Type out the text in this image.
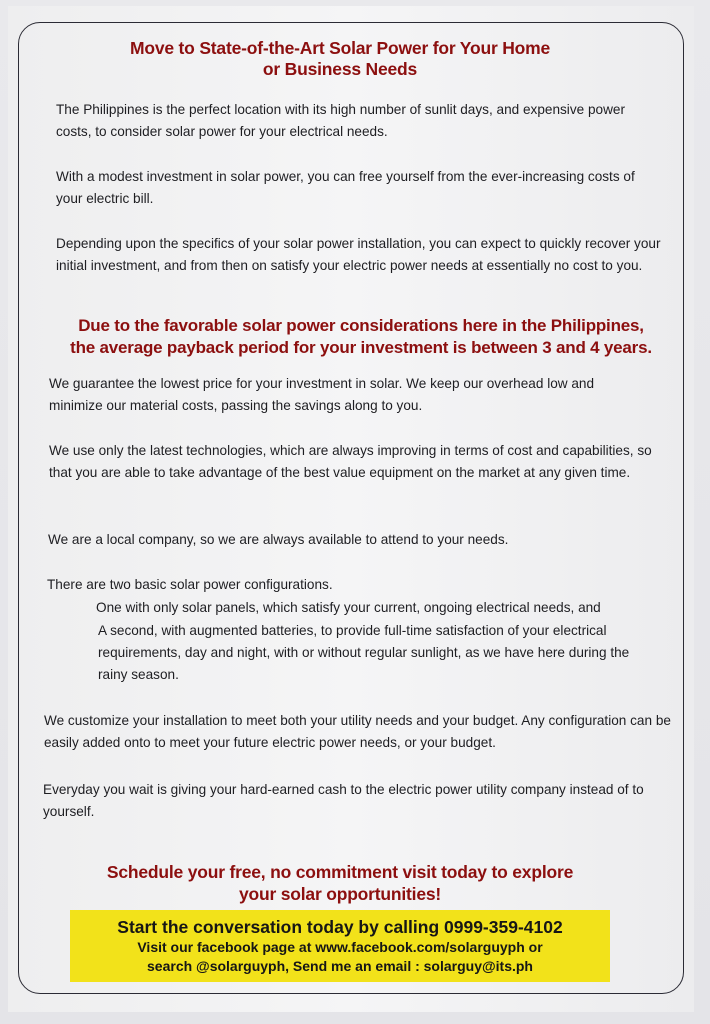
Move to State-of-the-Art Solar Power for Your Home
or Business Needs
The Philippines is the perfect location with its high number of sunlit days, and expensive power costs, to consider solar power for your electrical needs.
With a modest investment in solar power, you can free yourself from the ever-increasing costs of your electric bill.
Depending upon the specifics of your solar power installation, you can expect to quickly recover your initial investment, and from then on satisfy your electric power needs at essentially no cost to you.
Due to the favorable solar power considerations here in the Philippines,
the average payback period for your investment is between 3 and 4 years.
We guarantee the lowest price for your investment in solar. We keep our overhead low and minimize our material costs, passing the savings along to you.
We use only the latest technologies, which are always improving in terms of cost and capabilities, so that you are able to take advantage of the best value equipment on the market at any given time.
We are a local company, so we are always available to attend to your needs.
There are two basic solar power configurations.
One with only solar panels, which satisfy your current, ongoing electrical needs, and
A second, with augmented batteries, to provide full-time satisfaction of your electrical requirements, day and night, with or without regular sunlight, as we have here during the rainy season.
We customize your installation to meet both your utility needs and your budget. Any configuration can be easily added onto to meet your future electric power needs, or your budget.
Everyday you wait is giving your hard-earned cash to the electric power utility company instead of to yourself.
Schedule your free, no commitment visit today to explore
your solar opportunities!
Start the conversation today by calling 0999-359-4102
Visit our facebook page at www.facebook.com/solarguyph or
search @solarguyph, Send me an email : solarguy@its.ph
